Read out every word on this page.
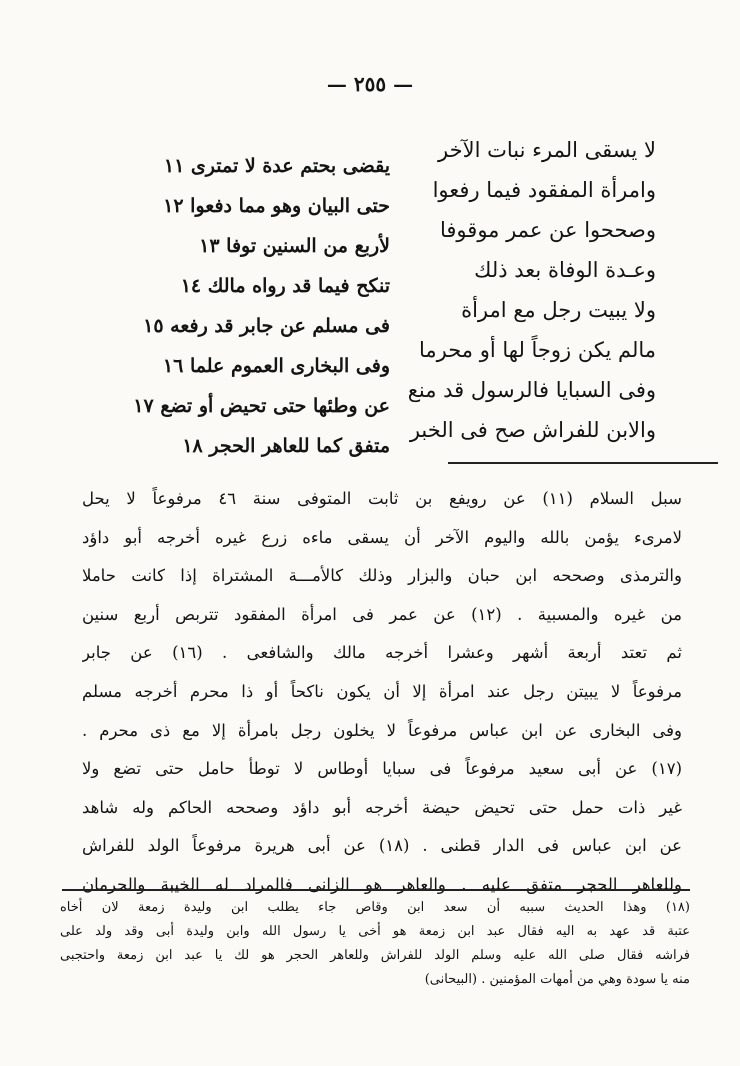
— ٢٥٥ —
لا يسقى المرء نبات الآخر
وامرأة المفقود فيما رفعوا
وصححوا عن عمر موقوفا
وعـدة الوفاة بعد ذلك
ولا يبيت رجل مع امرأة
مالم يكن زوجاً لها أو محرما
وفى السبايا فالرسول قد منع
والابن للفراش صح فى الخبر
يقضى بحتم عدة لا تمترى ١١
حتى البيان وهو مما دفعوا ١٢
لأربع من السنين توفا ١٣
تنكح فيما قد رواه مالك ١٤
فى مسلم عن جابر قد رفعه ١٥
وفى البخارى العموم علما ١٦
عن وطئها حتى تحيض أو تضع ١٧
متفق كما للعاهر الحجر ١٨

سبل السلام (١١) عن رويفع بن ثابت المتوفى سنة ٤٦ مرفوعاً لا يحل

لامرىء يؤمن بالله واليوم الآخر أن يسقى ماءه زرع غيره أخرجه أبو داؤد

والترمذى وصححه ابن حبان والبزار وذلك كالأمـــة المشتراة إذا كانت حاملا

من غيره والمسبية . (١٢) عن عمر فى امرأة المفقود تتربص أربع سنين

ثم تعتد أربعة أشهر وعشرا أخرجه مالك والشافعى . (١٦) عن جابر

مرفوعاً لا يبيتن رجل عند امرأة إلا أن يكون ناكحاً أو ذا محرم أخرجه مسلم

وفى البخارى عن ابن عباس مرفوعاً لا يخلون رجل بامرأة إلا مع ذى محرم .

(١٧) عن أبى سعيد مرفوعاً فى سبايا أوطاس لا توطأ حامل حتى تضع ولا

غير ذات حمل حتى تحيض حيضة أخرجه أبو داؤد وصححه الحاكم وله شاهد

عن ابن عباس فى الدار قطنى . (١٨) عن أبى هريرة مرفوعاً الولد للفراش

وللعاهر الحجر متفق عليه . والعاهر هو الزانى فالمراد له الخيبة والحرمان

(١٨) وهذا الحديث سببه أن سعد ابن وقاص جاء يطلب ابن وليدة زمعة لان أخاه

عتبة قد عهد به اليه فقال عبد ابن زمعة هو أخى يا رسول الله وابن وليدة أبى وقد ولد على

فراشه فقال صلى الله عليه وسلم الولد للفراش وللعاهر الحجر هو لك يا عبد ابن زمعة واحتجبى

منه يا سودة وهي من أمهات المؤمنين . (البيحانى)
